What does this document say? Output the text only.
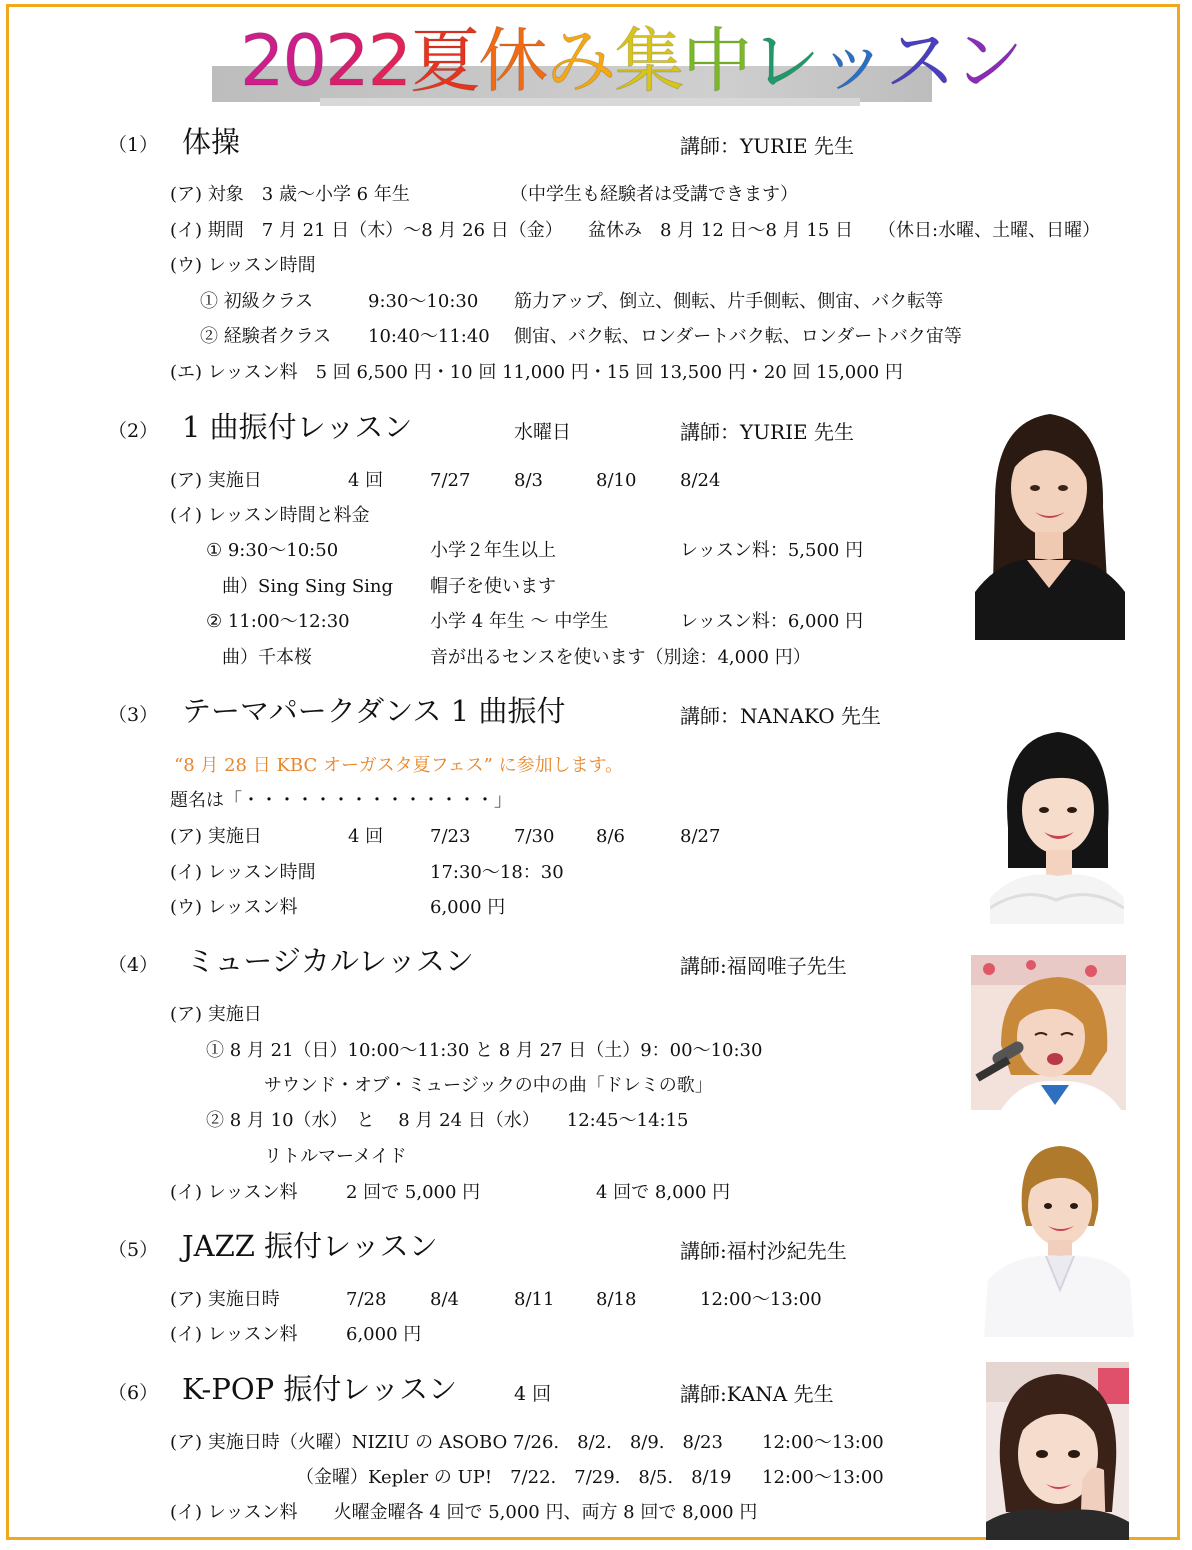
2022夏休み集中レッスン
（1） 体操	講師：YURIE 先生
(ア) 対象　3 歳～小学 6 年生	（中学生も経験者は受講できます）
(イ) 期間　7 月 21 日（木）～8 月 26 日（金） 盆休み　8 月 12 日～8 月 15 日 （休日:水曜、土曜、日曜）
(ウ) レッスン時間
① 初級クラス	9:30～10:30 筋力アップ、倒立、側転、片手側転、側宙、バク転等
② 経験者クラス 10:40～11:40 側宙、バク転、ロンダートバク転、ロンダートバク宙等
(エ) レッスン料　5 回 6,500 円・10 回 11,000 円・15 回 13,500 円・20 回 15,000 円
（2） 1 曲振付レッスン	水曜日	講師：YURIE 先生
(ア) 実施日	4 回	7/27 8/3	8/10 8/24
(イ) レッスン時間と料金
① 9:30～10:50	小学２年生以上	レッスン料：5,500 円
曲）Sing Sing Sing 帽子を使います
② 11:00～12:30	小学 4 年生 ～ 中学生	レッスン料：6,000 円
曲）千本桜	音が出るセンスを使います（別途：4,000 円）
（3） テーマパークダンス 1 曲振付	講師：NANAKO 先生
“8 月 28 日 KBC オーガスタ夏フェス” に参加します。
題名は「・・・・・・・・・・・・・・」
(ア) 実施日	4 回	7/23 7/30 8/6	8/27
(イ) レッスン時間	17:30～18：30
(ウ) レッスン料	6,000 円
（4） ミュージカルレッスン	講師:福岡唯子先生
(ア) 実施日
① 8 月 21（日）10:00～11:30 と 8 月 27 日（土）9：00～10:30
サウンド・オブ・ミュージックの中の曲「ドレミの歌」
② 8 月 10（水）　と　 8 月 24 日（水）　　12:45～14:15
リトルマーメイド
(イ) レッスン料	2 回で 5,000 円	4 回で 8,000 円
（5） JAZZ 振付レッスン	講師:福村沙紀先生
(ア) 実施日時	7/28 8/4	8/11 8/18	12:00～13:00
(イ) レッスン料	6,000 円
（6） K-POP 振付レッスン	4 回	講師:KANA 先生
(ア) 実施日時（火曜）NIZIU の ASOBO 7/26.　8/2.　8/9.　8/23 12:00～13:00
（金曜）Kepler の UP!　7/22.　7/29.　8/5.　8/19 12:00～13:00
(イ) レッスン料　　火曜金曜各 4 回で 5,000 円、両方 8 回で 8,000 円
